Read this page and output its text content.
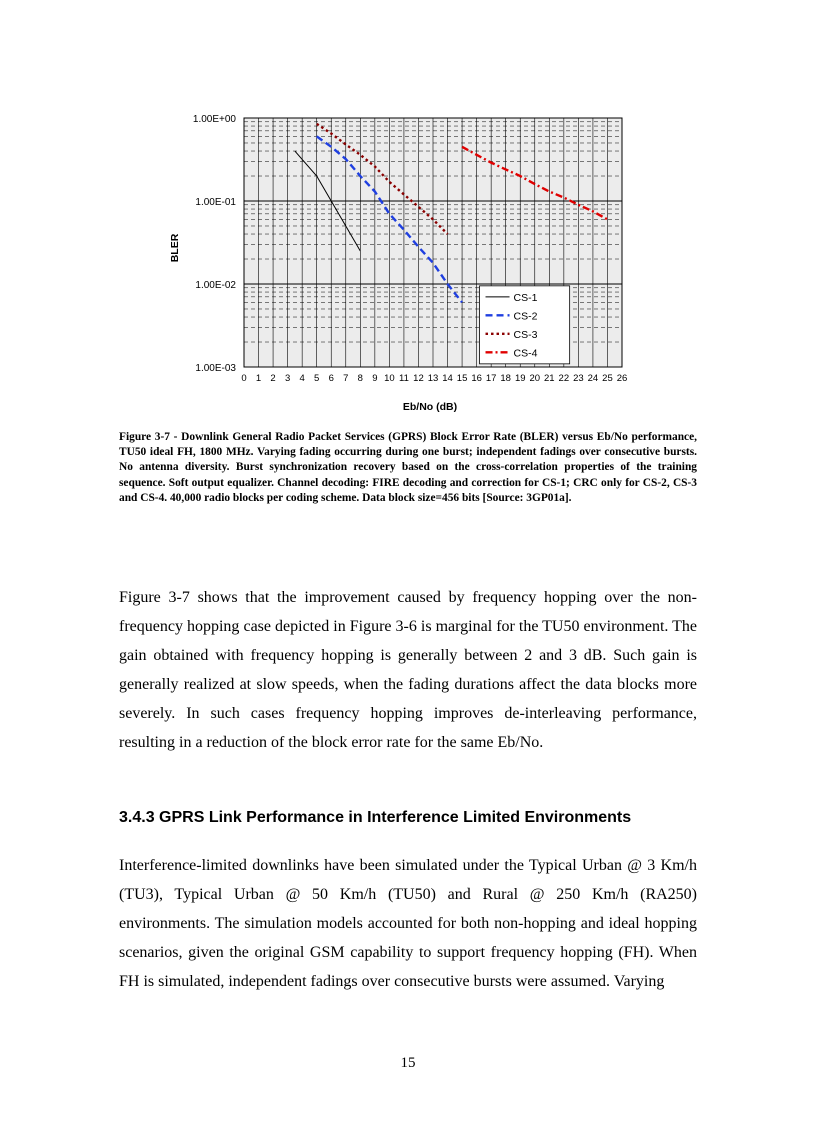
1.00E+00
1.00E-01
1.00E-02
1.00E-03
0 1 2 3 4 5 6 7 8 9 10 11 12 13 14 15 16 17 18 19 20 21 22 23 24 25 26
CS-1
CS-2
CS-3
CS-4
Eb/No (dB)
BLER
Figure 3-7 - Downlink General Radio Packet Services (GPRS) Block Error Rate (BLER) versus Eb/No performance, TU50 ideal FH, 1800 MHz. Varying fading occurring during one burst; independent fadings over consecutive bursts. No antenna diversity. Burst synchronization recovery based on the cross-correlation properties of the training sequence. Soft output equalizer. Channel decoding: FIRE decoding and correction for CS-1; CRC only for CS-2, CS-3 and CS-4. 40,000 radio blocks per coding scheme. Data block size=456 bits [Source: 3GP01a].

Figure 3-7 shows that the improvement caused by frequency hopping over the non-frequency hopping case depicted in Figure 3-6 is marginal for the TU50 environment. The gain obtained with frequency hopping is generally between 2 and 3 dB. Such gain is generally realized at slow speeds, when the fading durations affect the data blocks more severely. In such cases frequency hopping improves de-interleaving performance, resulting in a reduction of the block error rate for the same Eb/No.

3.4.3 GPRS Link Performance in Interference Limited Environments

Interference-limited downlinks have been simulated under the Typical Urban @ 3 Km/h (TU3), Typical Urban @ 50 Km/h (TU50) and Rural @ 250 Km/h (RA250) environments. The simulation models accounted for both non-hopping and ideal hopping scenarios, given the original GSM capability to support frequency hopping (FH). When FH is simulated, independent fadings over consecutive bursts were assumed. Varying

15
